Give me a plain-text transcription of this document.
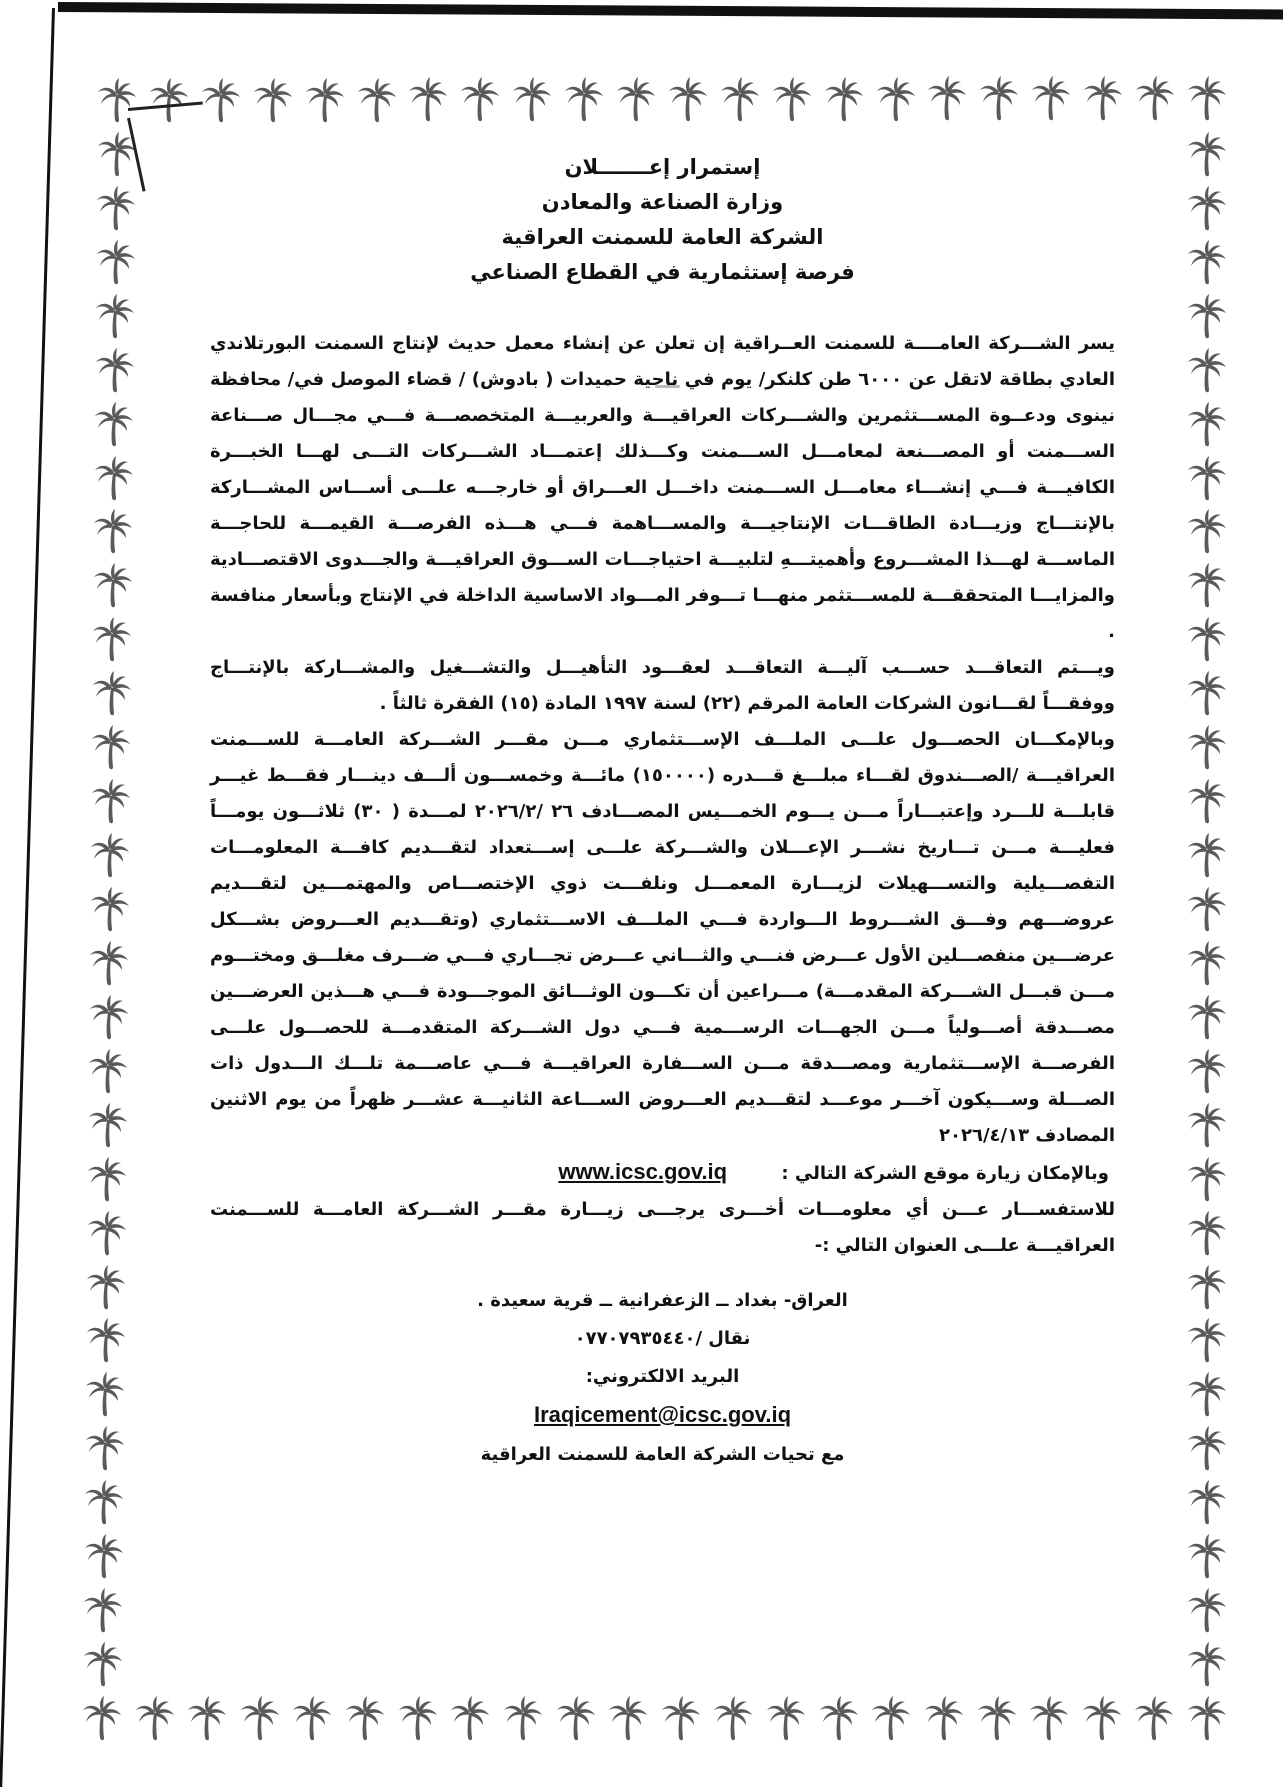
إستمرار إعـــــــلان
وزارة الصناعة والمعادن
الشركة العامة للسمنت العراقية
فرصة إستثمارية في القطاع الصناعي

يسر الشـــركة العامــــة للسمنت العــراقية إن تعلن عن إنشاء معمل حديث لإنتاج السمنت البورتلاندي العادي بطاقة لاتقل عن ٦٠٠٠ طن كلنكر/ يوم في ناحية حميدات ( بادوش) / قضاء الموصل في/ محافظة نينوى ودعــوة المســـتثمرين والشـــركات العراقيـــة والعربيـــة المتخصصـــة فـــي مجـــال صـــناعة الســـمنت أو المصـــنعة لمعامـــل الســـمنت وكـــذلك إعتمـــاد الشـــركات التـــى لهـــا الخبـــرة الكافيـــة فـــي إنشـــاء معامـــل الســـمنت داخـــل العـــراق أو خارجـــه علـــى أســـاس المشـــاركة بالإنتـــاج وزيـــادة الطاقـــات الإنتاجيـــة والمســـاهمة فـــي هـــذه الفرصـــة القيمـــة للحاجـــة الماســـة لهـــذا المشـــروع وأهميتـــهِ لتلبيـــة احتياجـــات الســـوق العراقيـــة والجـــدوى الاقتصـــادية والمزايـــا المتحققـــة للمســـتثمر منهـــا تـــوفر المـــواد الاساسية الداخلة في الإنتاج وبأسعار منافسة .

ويـــتم التعاقـــد حســـب آليـــة التعاقـــد لعقـــود التأهيـــل والتشـــغيل والمشـــاركة بالإنتـــاج ووفقـــاً لقـــانون الشركات العامة المرقم (٢٢) لسنة ١٩٩٧ المادة (١٥) الفقرة ثالثاً .

وبالإمكـــان الحصـــول علـــى الملـــف الإســـتثماري مـــن مقـــر الشـــركة العامـــة للســـمنت العراقيـــة /الصـــندوق لقـــاء مبلـــغ قـــدره (١٥٠٠٠٠) مائـــة وخمســـون ألـــف دينـــار فقـــط غيـــر قابلـــة للـــرد وإعتبـــاراً مـــن يـــوم الخمـــيس المصـــادف ٢٦ /٢٠٢٦/٢ لمـــدة ( ٣٠) ثلاثـــون يومـــاً فعليـــة مـــن تـــاريخ نشـــر الإعـــلان والشـــركة علـــى إســـتعداد لتقـــديم كافـــة المعلومـــات التفصـــيلية والتســـهيلات لزيـــارة المعمـــل ونلفـــت ذوي الإختصـــاص والمهتمـــين لتقـــديم عروضـــهم وفـــق الشـــروط الـــواردة فـــي الملـــف الاســـتثماري (وتقـــديم العـــروض بشـــكل عرضـــين منفصـــلين الأول عـــرض فنـــي والثـــاني عـــرض تجـــاري فـــي ضـــرف مغلـــق ومختـــوم مـــن قبـــل الشـــركة المقدمـــة) مـــراعين أن تكـــون الوثـــائق الموجـــودة فـــي هـــذين العرضـــين مصـــدقة أصـــولياً مـــن الجهـــات الرســـمية فـــي دول الشـــركة المتقدمـــة للحصـــول علـــى الفرصـــة الإســـتثمارية ومصـــدقة مـــن الســـفارة العراقيـــة فـــي عاصـــمة تلـــك الـــدول ذات الصـــلة وســـيكون آخـــر موعـــد لتقـــديم العـــروض الســـاعة الثانيـــة عشـــر ظهراً من يوم الاثنين المصادف ٢٠٢٦/٤/١٣

وبالإمكان زيارة موقع الشركة التالي : www.icsc.gov.iq

للاستفســـار عـــن أي معلومـــات أخـــرى يرجـــى زيـــارة مقـــر الشـــركة العامـــة للســـمنت العراقيـــة علـــى العنوان التالي :-

العراق- بغداد ــ الزعفرانية ــ قرية سعيدة .
نقال /٠٧٧٠٧٩٣٥٤٤٠
البريد الالكتروني:
Iraqicement@icsc.gov.iq
مع تحيات الشركة العامة للسمنت العراقية
